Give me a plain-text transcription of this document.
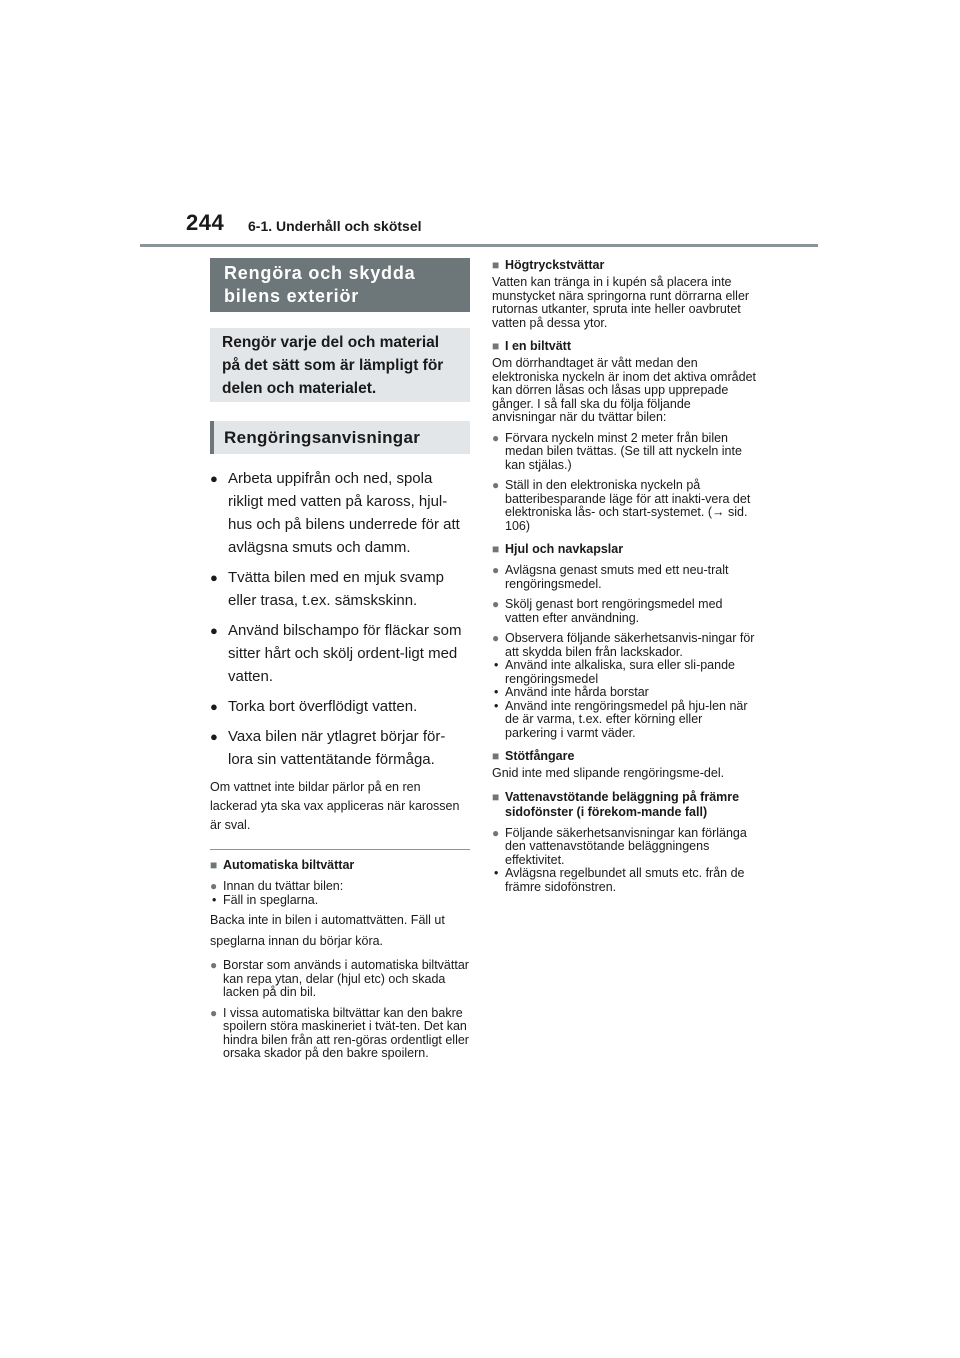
244 6-1. Underhåll och skötsel
Rengöra och skydda bilens exteriör
Rengör varje del och material på det sätt som är lämpligt för delen och materialet.
Rengöringsanvisningar
● Arbeta uppifrån och ned, spola rikligt med vatten på kaross, hjul-hus och på bilens underrede för att avlägsna smuts och damm.
● Tvätta bilen med en mjuk svamp eller trasa, t.ex. sämskskinn.
● Använd bilschampo för fläckar som sitter hårt och skölj ordent-ligt med vatten.
● Torka bort överflödigt vatten.
● Vaxa bilen när ytlagret börjar för-lora sin vattentätande förmåga.
Om vattnet inte bildar pärlor på en ren lackerad yta ska vax appliceras när karossen är sval.
■ Automatiska biltvättar
● Innan du tvättar bilen:
• Fäll in speglarna.
Backa inte in bilen i automattvätten. Fäll ut speglarna innan du börjar köra.
● Borstar som används i automatiska biltvättar kan repa ytan, delar (hjul etc) och skada lacken på din bil.
● I vissa automatiska biltvättar kan den bakre spoilern störa maskineriet i tvät-ten. Det kan hindra bilen från att ren-göras ordentligt eller orsaka skador på den bakre spoilern.
■ Högtryckstvättar
Vatten kan tränga in i kupén så placera inte munstycket nära springorna runt dörrarna eller rutornas utkanter, spruta inte heller oavbrutet vatten på dessa ytor.
■ I en biltvätt
Om dörrhandtaget är vått medan den elektroniska nyckeln är inom det aktiva området kan dörren låsas och låsas upp upprepade gånger. I så fall ska du följa följande anvisningar när du tvättar bilen:
● Förvara nyckeln minst 2 meter från bilen medan bilen tvättas. (Se till att nyckeln inte kan stjälas.)
● Ställ in den elektroniska nyckeln på batteribesparande läge för att inakti-vera det elektroniska lås- och start-systemet. (→ sid. 106)
■ Hjul och navkapslar
● Avlägsna genast smuts med ett neu-tralt rengöringsmedel.
● Skölj genast bort rengöringsmedel med vatten efter användning.
● Observera följande säkerhetsanvis-ningar för att skydda bilen från lackskador.
• Använd inte alkaliska, sura eller sli-pande rengöringsmedel
• Använd inte hårda borstar
• Använd inte rengöringsmedel på hju-len när de är varma, t.ex. efter körning eller parkering i varmt väder.
■ Stötfångare
Gnid inte med slipande rengöringsme-del.
■ Vattenavstötande beläggning på främre sidofönster (i förekom-mande fall)
● Följande säkerhetsanvisningar kan förlänga den vattenavstötande beläggningens effektivitet.
• Avlägsna regelbundet all smuts etc. från de främre sidofönstren.
